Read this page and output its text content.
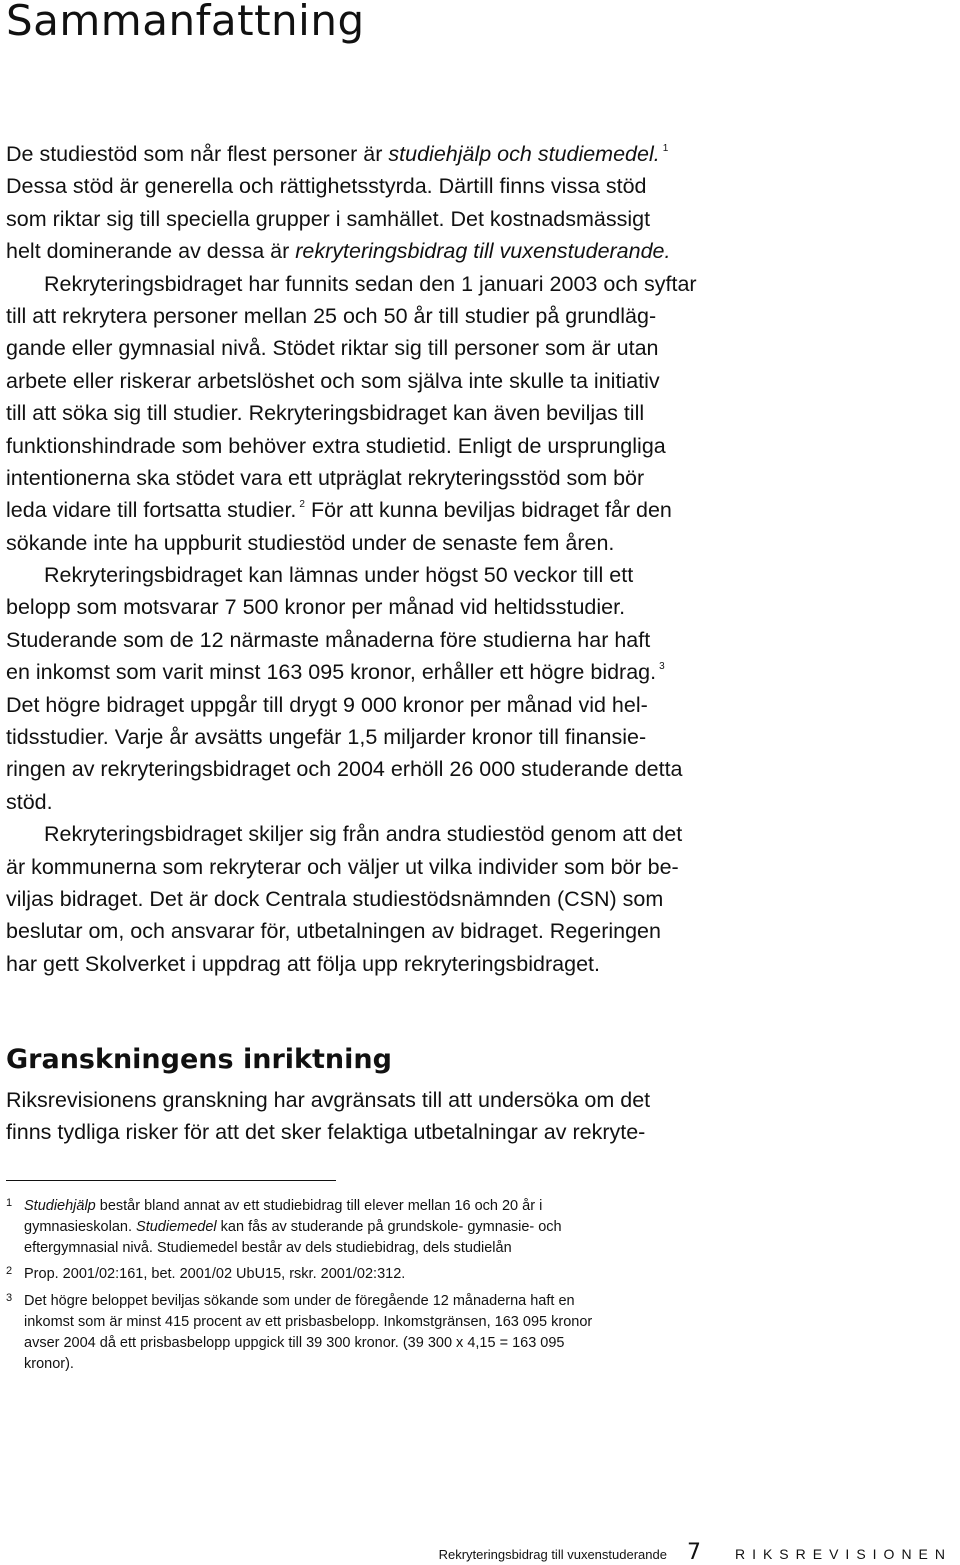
Sammanfattning
De studiestöd som når flest personer är studiehjälp och studiemedel. $^1$
Dessa stöd är generella och rättighetsstyrda. Därtill finns vissa stöd
som riktar sig till speciella grupper i samhället. Det kostnadsmässigt
helt dominerande av dessa är rekryteringsbidrag till vuxenstuderande.
Rekryteringsbidraget har funnits sedan den 1 januari 2003 och syftar
till att rekrytera personer mellan 25 och 50 år till studier på grundläg-
gande eller gymnasial nivå. Stödet riktar sig till personer som är utan
arbete eller riskerar arbetslöshet och som själva inte skulle ta initiativ
till att söka sig till studier. Rekryteringsbidraget kan även beviljas till
funktionshindrade som behöver extra studietid. Enligt de ursprungliga
intentionerna ska stödet vara ett utpräglat rekryteringsstöd som bör
leda vidare till fortsatta studier. $^2$ För att kunna beviljas bidraget får den
sökande inte ha uppburit studiestöd under de senaste fem åren.
Rekryteringsbidraget kan lämnas under högst 50 veckor till ett
belopp som motsvarar 7 500 kronor per månad vid heltidsstudier.
Studerande som de 12 närmaste månaderna före studierna har haft
en inkomst som varit minst 163 095 kronor, erhåller ett högre bidrag. $^3$
Det högre bidraget uppgår till drygt 9 000 kronor per månad vid hel-
tidsstudier. Varje år avsätts ungefär 1,5 miljarder kronor till finansie-
ringen av rekryteringsbidraget och 2004 erhöll 26 000 studerande detta
stöd.
Rekryteringsbidraget skiljer sig från andra studiestöd genom att det
är kommunerna som rekryterar och väljer ut vilka individer som bör be-
viljas bidraget. Det är dock Centrala studiestödsnämnden (CSN) som
beslutar om, och ansvarar för, utbetalningen av bidraget. Regeringen
har gett Skolverket i uppdrag att följa upp rekryteringsbidraget.
Granskningens inriktning
Riksrevisionens granskning har avgränsats till att undersöka om det
finns tydliga risker för att det sker felaktiga utbetalningar av rekryte-
1 Studiehjälp består bland annat av ett studiebidrag till elever mellan 16 och 20 år i
gymnasieskolan. Studiemedel kan fås av studerande på grundskole- gymnasie- och
eftergymnasial nivå. Studiemedel består av dels studiebidrag, dels studielån
2 Prop. 2001/02:161, bet. 2001/02 UbU15, rskr. 2001/02:312.
3 Det högre beloppet beviljas sökande som under de föregående 12 månaderna haft en
inkomst som är minst 415 procent av ett prisbasbelopp. Inkomstgränsen, 163 095 kronor
avser 2004 då ett prisbasbelopp uppgick till 39 300 kronor. (39 300 x 4,15 = 163 095
kronor).
Rekryteringsbidrag till vuxenstuderande 7 RIKSREVISIONEN
